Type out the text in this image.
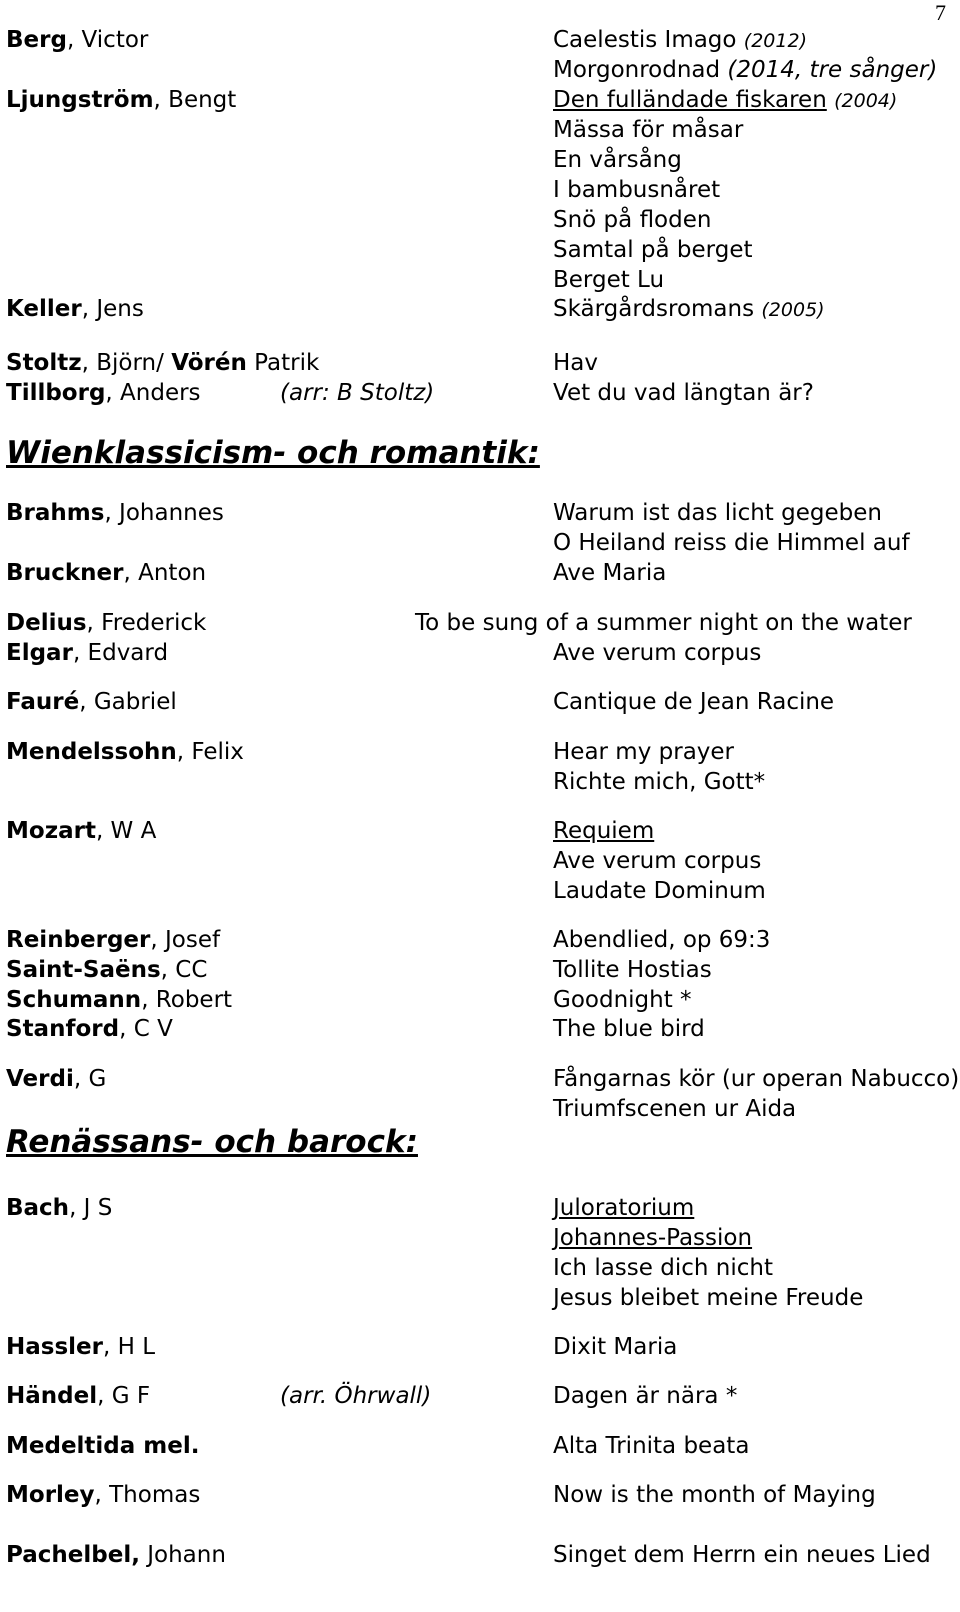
7
Berg, Victor	Caelestis Imago (2012)
Morgonrodnad (2014, tre sånger)
Ljungström, Bengt	Den fulländade fiskaren (2004)
Mässa för måsar
En vårsång
I bambusnåret
Snö på floden
Samtal på berget
Berget Lu
Keller, Jens	Skärgårdsromans (2005)
Stoltz, Björn/ Vörén Patrik	Hav
Tillborg, Anders	(arr: B Stoltz)	Vet du vad längtan är?
Wienklassicism- och romantik:
Brahms, Johannes	Warum ist das licht gegeben
O Heiland reiss die Himmel auf
Bruckner, Anton	Ave Maria
Delius, Frederick	To be sung of a summer night on the water
Elgar, Edvard	Ave verum corpus
Fauré, Gabriel	Cantique de Jean Racine
Mendelssohn, Felix	Hear my prayer
Richte mich, Gott*
Mozart, W A	Requiem
Ave verum corpus
Laudate Dominum
Reinberger, Josef	Abendlied, op 69:3
Saint-Saëns, CC	Tollite Hostias
Schumann, Robert	Goodnight *
Stanford, C V	The blue bird
Verdi, G	Fångarnas kör (ur operan Nabucco)
Triumfscenen ur Aida
Renässans- och barock:
Bach, J S	Juloratorium
Johannes-Passion
Ich lasse dich nicht
Jesus bleibet meine Freude
Hassler, H L	Dixit Maria
Händel, G F	(arr. Öhrwall)	Dagen är nära *
Medeltida mel.	Alta Trinita beata
Morley, Thomas	Now is the month of Maying
Pachelbel, Johann	Singet dem Herrn ein neues Lied
